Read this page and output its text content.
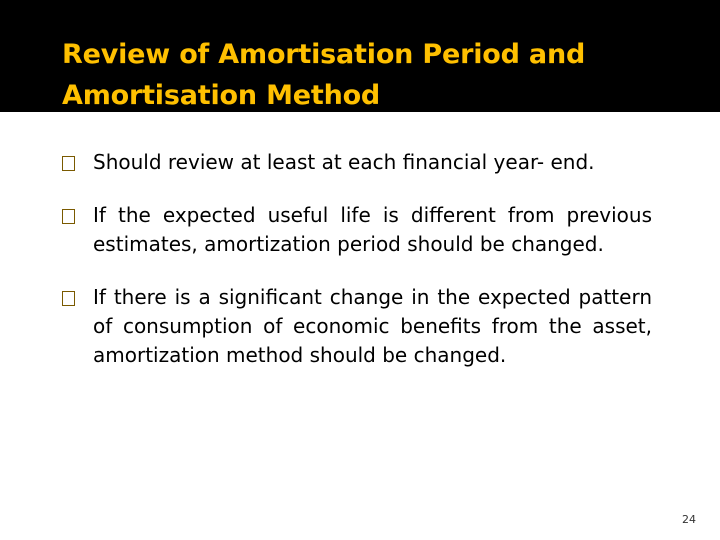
Review of Amortisation Period and
Amortisation Method
Should review at least at each financial year- end.
If the expected useful life is different from previous estimates, amortization period should be changed.
If there is a significant change in the expected pattern of consumption of economic benefits from the asset, amortization method should be changed.
24
